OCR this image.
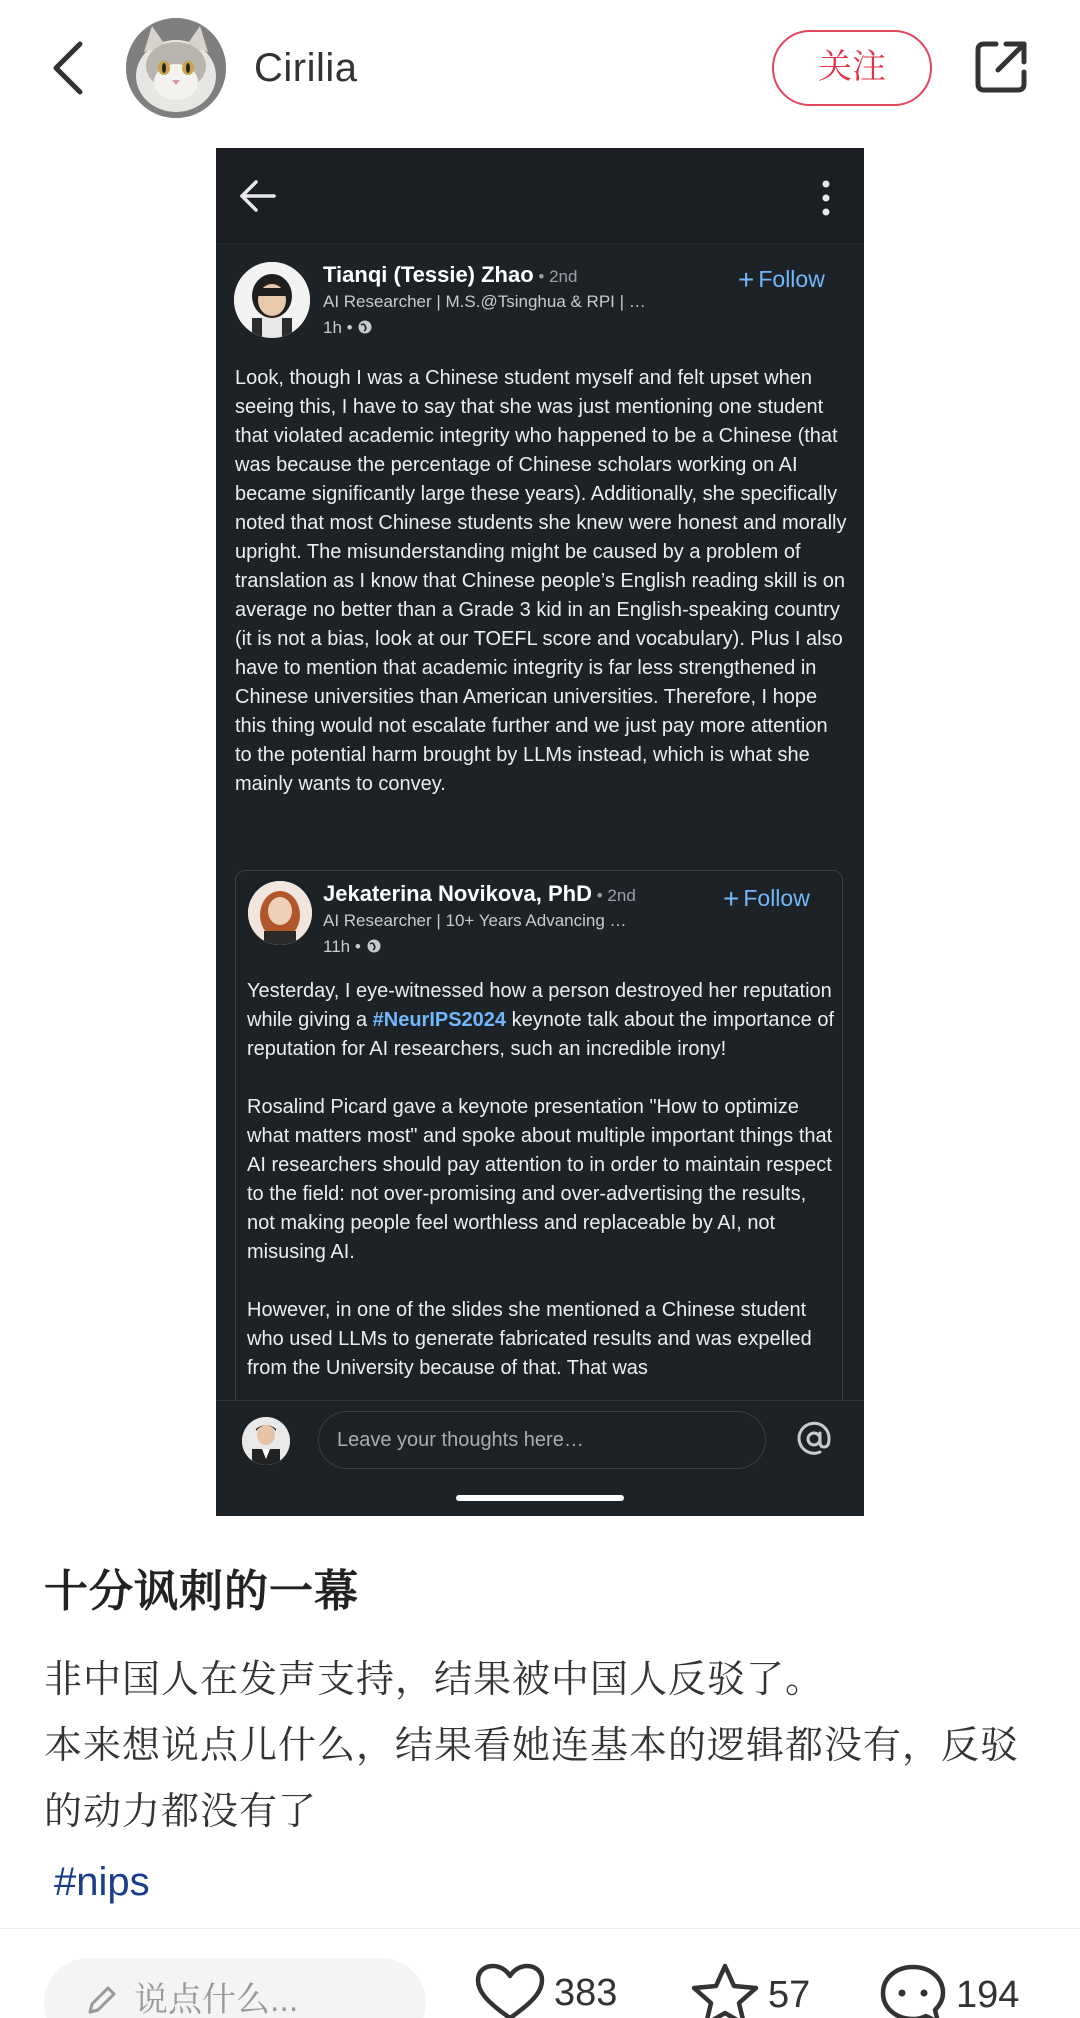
Cirilia	关注
Tianqi (Tessie) Zhao • 2nd	+ Follow
AI Researcher | M.S.@Tsinghua & RPI | …
1h •
Look, though I was a Chinese student myself and felt upset when seeing this, I have to say that she was just mentioning one student that violated academic integrity who happened to be a Chinese (that was because the percentage of Chinese scholars working on AI became significantly large these years). Additionally, she specifically noted that most Chinese students she knew were honest and morally upright. The misunderstanding might be caused by a problem of translation as I know that Chinese people’s English reading skill is on average no better than a Grade 3 kid in an English-speaking country (it is not a bias, look at our TOEFL score and vocabulary). Plus I also have to mention that academic integrity is far less strengthened in Chinese universities than American universities. Therefore, I hope this thing would not escalate further and we just pay more attention to the potential harm brought by LLMs instead, which is what she mainly wants to convey.
Jekaterina Novikova, PhD • 2nd	+ Follow
AI Researcher | 10+ Years Advancing …
11h •

Yesterday, I eye-witnessed how a person destroyed her reputation while giving a #NeurIPS2024 keynote talk about the importance of reputation for AI researchers, such an incredible irony!

Rosalind Picard gave a keynote presentation "How to optimize what matters most" and spoke about multiple important things that AI researchers should pay attention to in order to maintain respect to the field: not over-promising and over-advertising the results, not making people feel worthless and replaceable by AI, not misusing AI.

However, in one of the slides she mentioned a Chinese student who used LLMs to generate fabricated results and was expelled from the University because of that. That was

Leave your thoughts here…
十分讽刺的一幕
非中国人在发声支持，结果被中国人反驳了。
本来想说点儿什么，结果看她连基本的逻辑都没有，反驳的动力都没有了
#nips
说点什么...	383	57	194
